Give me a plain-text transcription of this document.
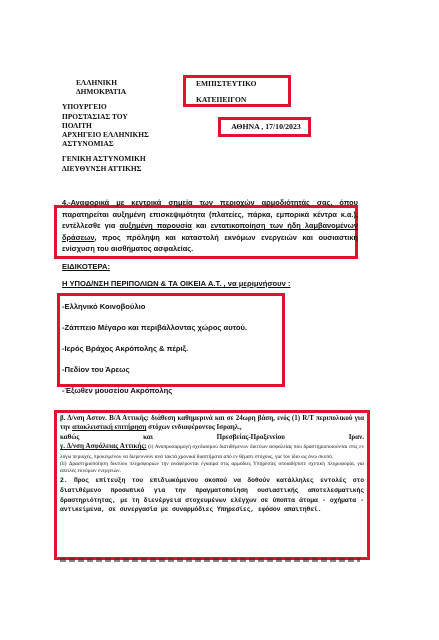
ΕΛΛΗΝΙΚΗ
ΔΗΜΟΚΡΑΤΙΑ
ΥΠΟΥΡΓΕΙΟ
ΠΡΟΣΤΑΣΙΑΣ ΤΟΥ
ΠΟΛΙΤΗ
ΑΡΧΗΓΕΙΟ ΕΛΛΗΝΙΚΗΣ
ΑΣΤΥΝΟΜΙΑΣ
ΓΕΝΙΚΗ ΑΣΤΥΝΟΜΙΚΗ
ΔΙΕΥΘΥΝΣΗ ΑΤΤΙΚΗΣ
ΕΜΠΙΣΤΕΥΤΙΚΟ
ΚΑΤΕΠΕΙΓΟΝ
ΑΘΗΝΑ , 17/10/2023
4.-Αναφορικά με κεντρικά σημεία των περιοχών αρμοδιότητάς σας, όπου παρατηρείται αυξημένη επισκεψιμότητα (πλατείες, πάρκα, εμπορικά κέντρα κ.α.), εντέλλεσθε για αυξημένη παρουσία και εντατικοποίηση των ήδη λαμβανομένων δράσεων, προς πρόληψη και καταστολή εκνόμων ενεργειών και ουσιαστική ενίσχυση του αισθήματος ασφαλείας.
ΕΙΔΙΚΟΤΕΡΑ:
Η ΥΠΟΔ/ΝΣΗ ΠΕΡΙΠΟΛΙΩΝ & ΤΑ ΟΙΚΕΙΑ Α.Τ. , να μεριμνήσουν :
-Ελληνικό Κοινοβούλιο
-Ζάππειο Μέγαρο και περιβάλλοντας χώρος αυτού.
-Ιερός Βράχος Ακρόπολης & πέριξ.
-Πεδίον του Άρεως
-Έξωθεν μουσείου Ακρόπολης
β. Δ/νση Αστυν. Β/Α Αττικής: διάθεση καθημερινά και σε 24ωρη βάση, ενός (1) R/T περιπολικού για την αποκλειστική επιτήρηση στόχων ενδιαφέροντος Ισραηλ.,
καθώς	και	Πρεσβείας-Προξενείου	Ιραν.
γ. Δ/νση Ασφάλειας Αττικής: (i) Αναπροσαρμογή σχεδιασμού διατιθέμενων δικτύων ασφαλείας που δραστηριοποιούνται στις εν λόγω περιοχές, προκειμένου να διερευνούν ανά τακτά χρονικά διαστήματα από εν θέματι στόχους, για τον ίδιο ως άνω σκοπό.
(ii) Δραστηριοποίηση δικτύου πληροφοριών την αναφέρονται έγκαιρα στις αρμόδιες Υπηρεσίες οποιαδήποτε σχετική πληροφορία, για απειλές εκνόμων ενεργειών.
2. Προς επίτευξη του επιδιωκόμενου σκοπού να δοθούν κατάλληλες εντολές στο διατιθέμενο προσωπικό για την πραγματοποίηση ουσιαστικής αποτελεσματικής δραστηριότητας, με τη διενέργεια στοχευμένων ελέγχων σε ύποπτα άτομα - οχήματα - αντικείμενα, σε συνεργασία με συναρμόδιες Υπηρεσίες, εφόσον απαιτηθεί.
